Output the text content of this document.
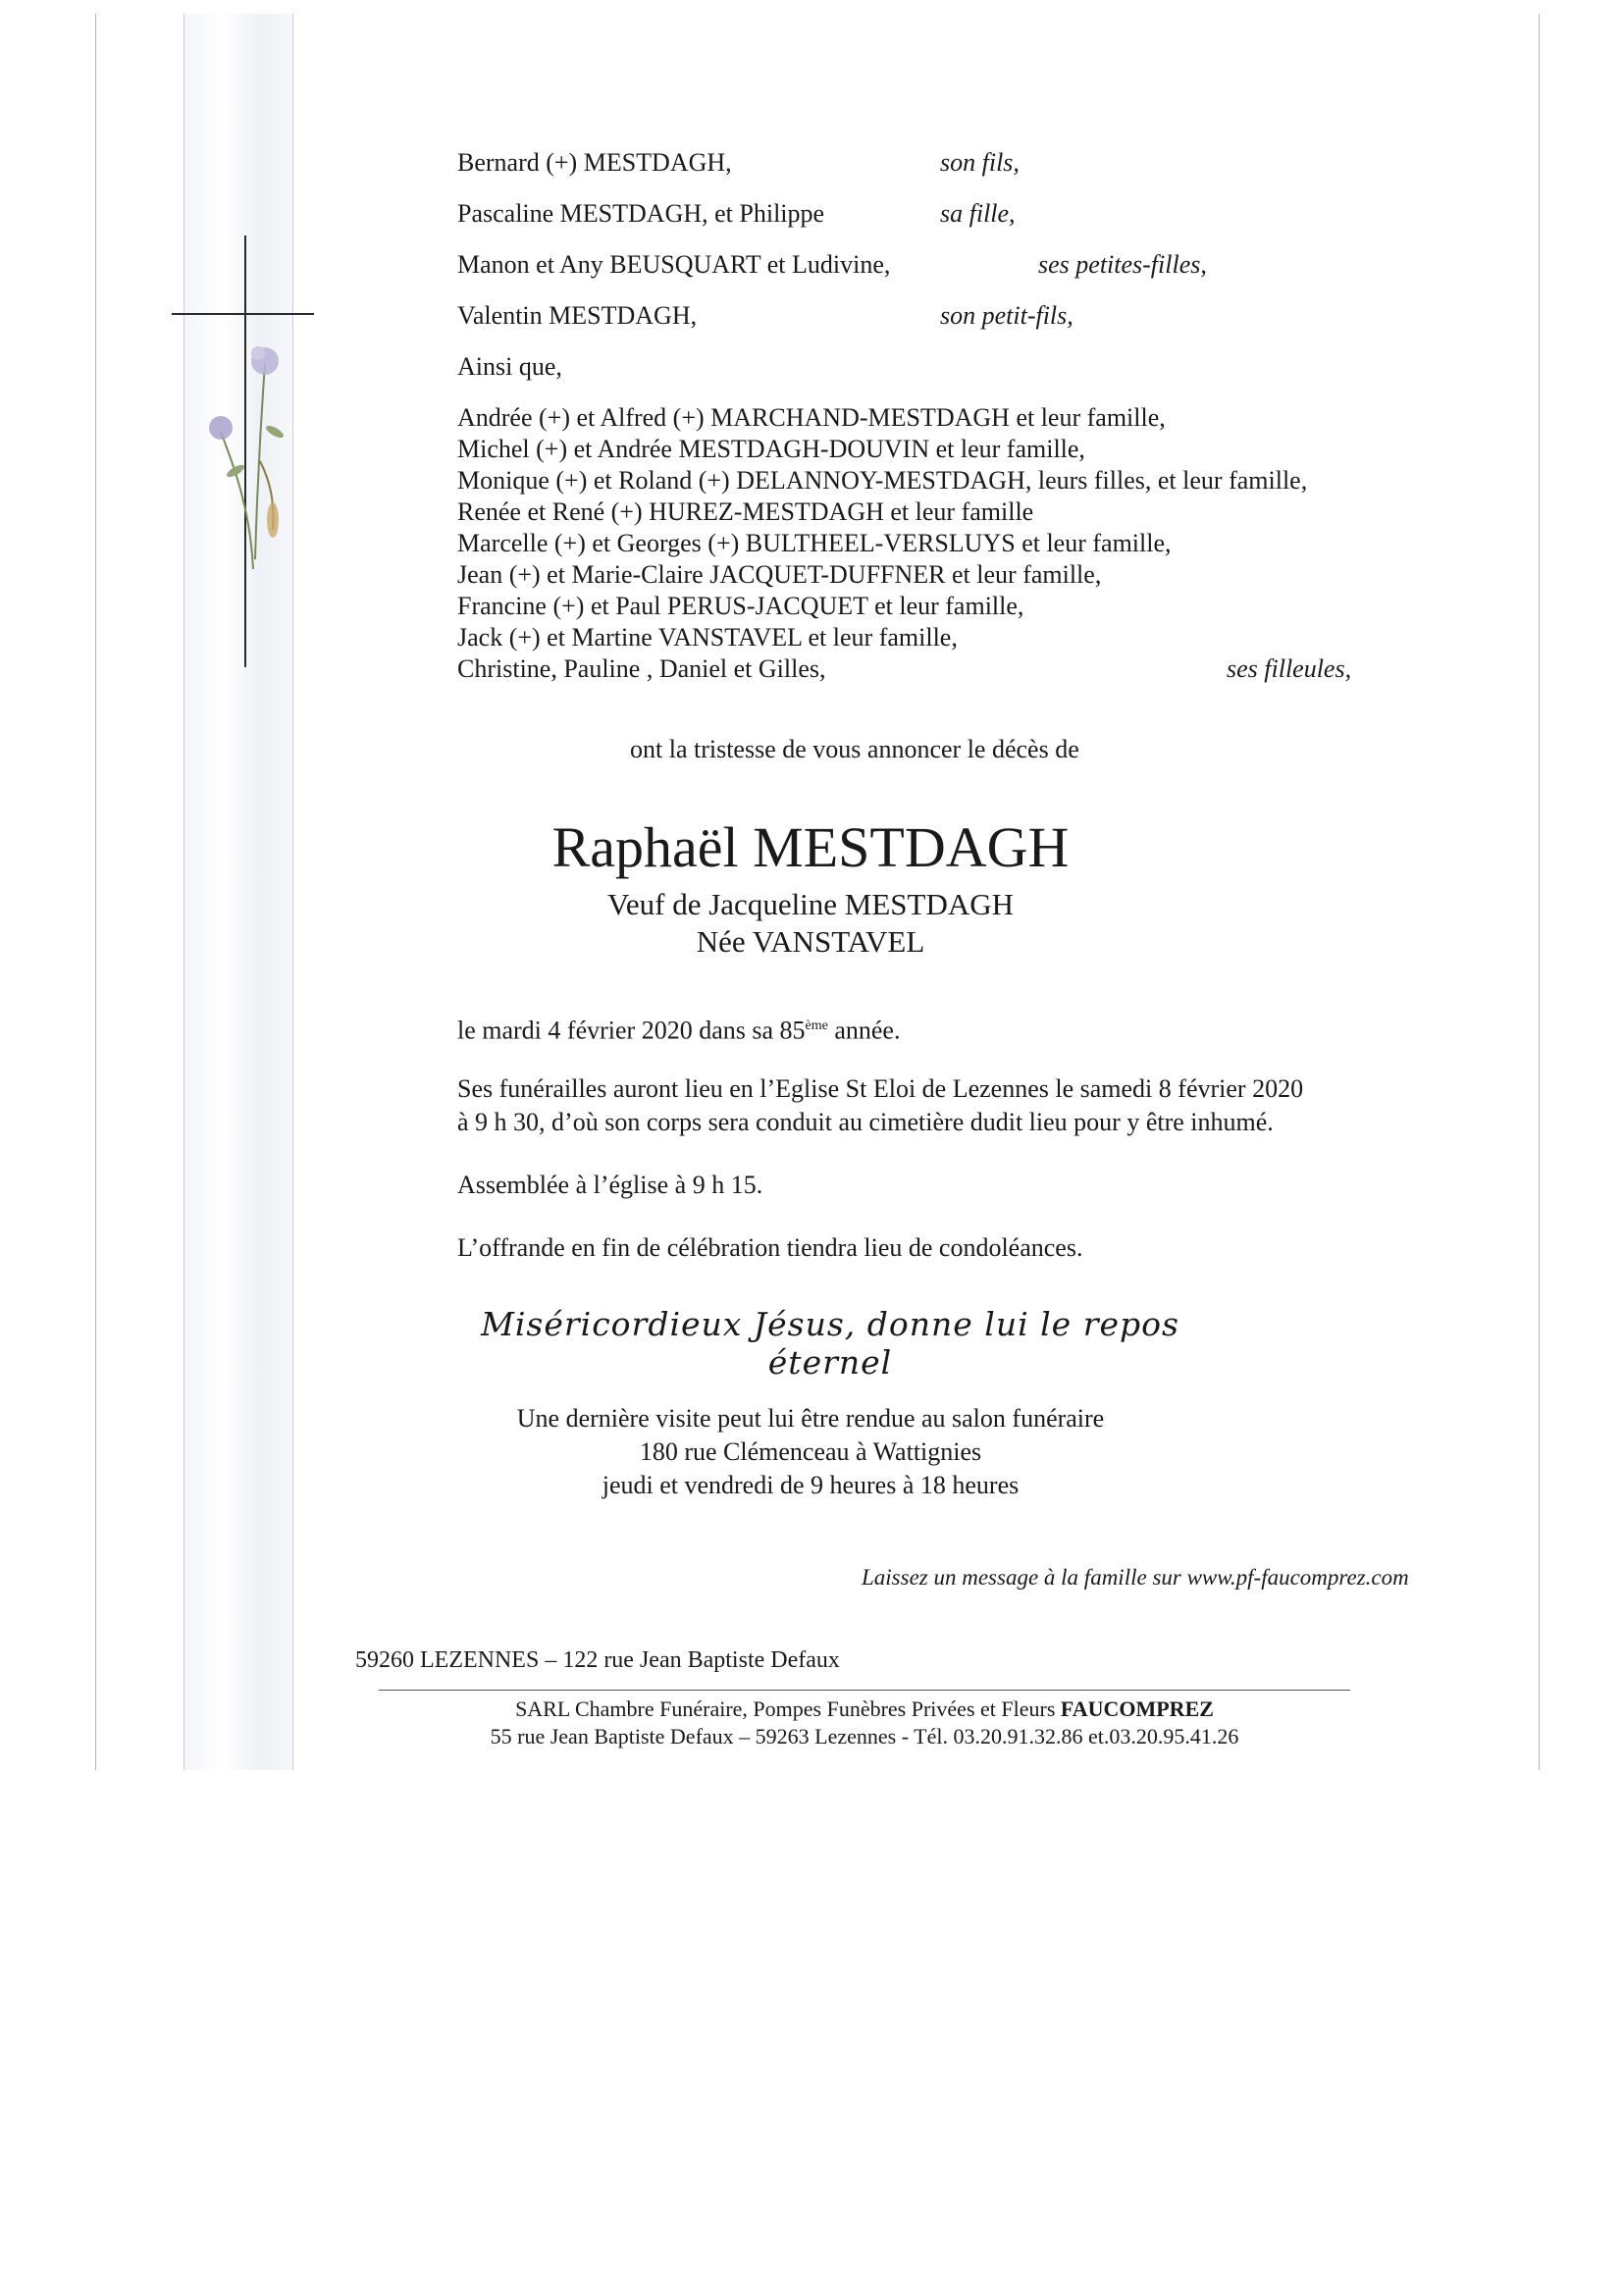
Bernard (+) MESTDAGH,	son fils,
Pascaline MESTDAGH, et Philippe	sa fille,
Manon et Any BEUSQUART et Ludivine,	ses petites-filles,
Valentin MESTDAGH,	son petit-fils,
Ainsi que,
Andrée (+) et Alfred (+) MARCHAND-MESTDAGH et leur famille,
Michel (+) et Andrée MESTDAGH-DOUVIN et leur famille,
Monique (+) et Roland (+) DELANNOY-MESTDAGH, leurs filles, et leur famille,
Renée et René (+) HUREZ-MESTDAGH et leur famille
Marcelle (+) et Georges (+) BULTHEEL-VERSLUYS et leur famille,
Jean (+) et Marie-Claire JACQUET-DUFFNER et leur famille,
Francine (+) et Paul PERUS-JACQUET et leur famille,
Jack (+) et Martine VANSTAVEL et leur famille,
Christine, Pauline , Daniel et Gilles,	ses filleules,
ont la tristesse de vous annoncer le décès de
Raphaël MESTDAGH
Veuf de Jacqueline MESTDAGH
Née VANSTAVEL
le mardi 4 février 2020 dans sa 85ème année.
Ses funérailles auront lieu en l’Eglise St Eloi de Lezennes le samedi 8 février 2020
à 9 h 30, d’où son corps sera conduit au cimetière dudit lieu pour y être inhumé.
Assemblée à l’église à 9 h 15.
L’offrande en fin de célébration tiendra lieu de condoléances.
Miséricordieux Jésus, donne lui le repos éternel
Une dernière visite peut lui être rendue au salon funéraire
180 rue Clémenceau à Wattignies
jeudi et vendredi de 9 heures à 18 heures
Laissez un message à la famille sur www.pf-faucomprez.com
59260 LEZENNES – 122 rue Jean Baptiste Defaux
SARL Chambre Funéraire, Pompes Funèbres Privées et Fleurs FAUCOMPREZ
55 rue Jean Baptiste Defaux – 59263 Lezennes - Tél. 03.20.91.32.86 et.03.20.95.41.26
